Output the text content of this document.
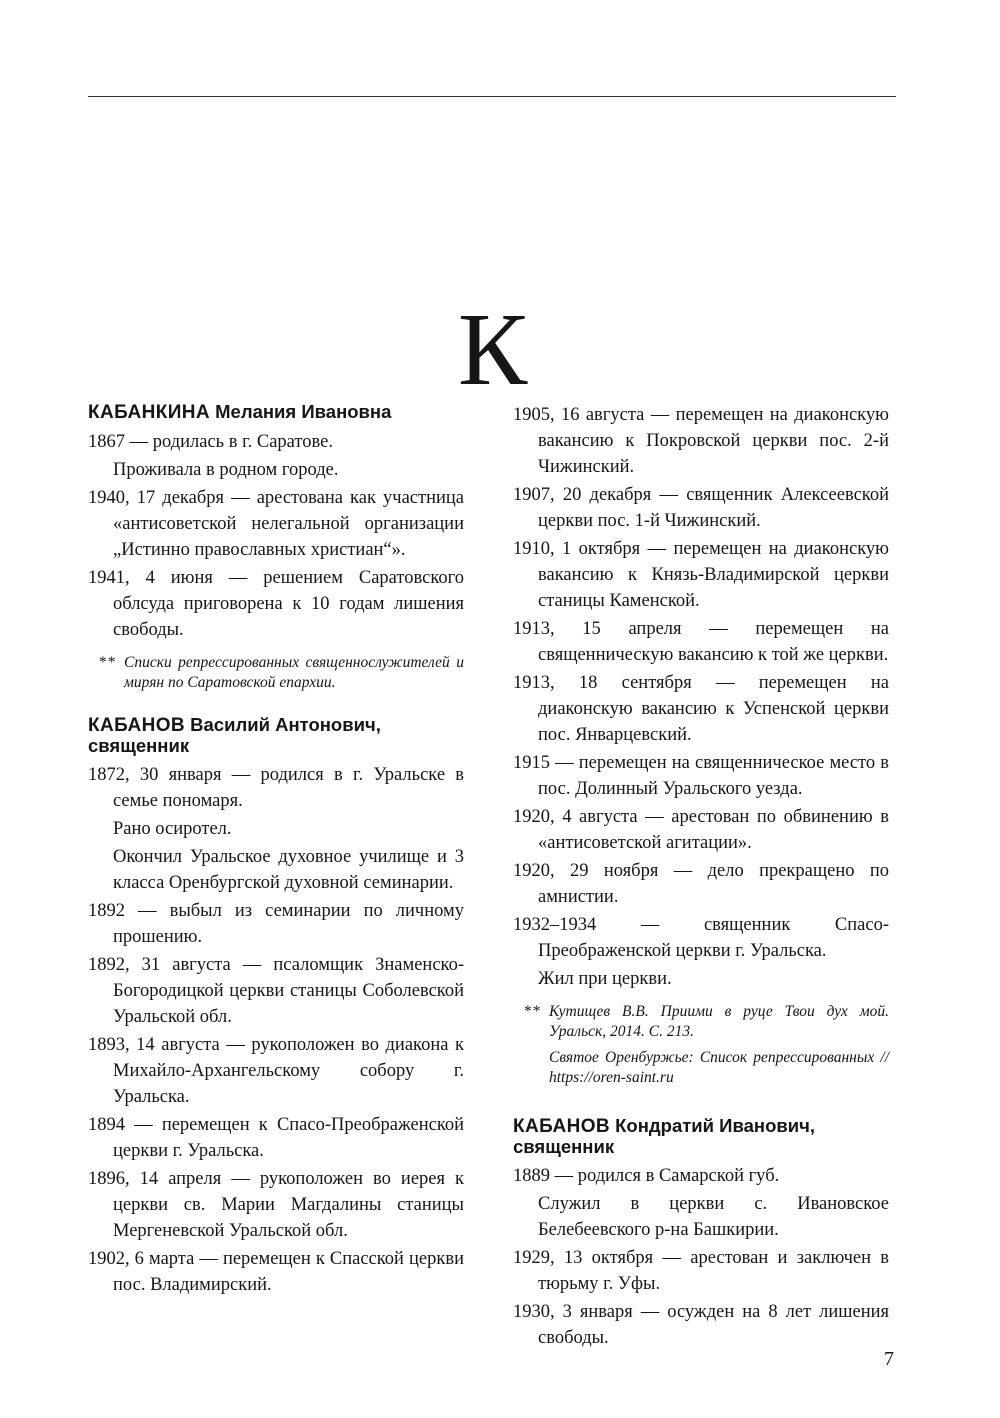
К
КАБАНКИНА Мелания Ивановна
1867 — родилась в г. Саратове.
Проживала в родном городе.
1940, 17 декабря — арестована как участница «антисоветской нелегальной организации „Истинно православных христиан“».
1941, 4 июня — решением Саратовского облсуда приговорена к 10 годам лишения свободы.
** Списки репрессированных священнослужителей и мирян по Саратовской епархии.
КАБАНОВ Василий Антонович, священник
1872, 30 января — родился в г. Уральске в семье пономаря.
Рано осиротел.
Окончил Уральское духовное училище и 3 класса Оренбургской духовной семинарии.
1892 — выбыл из семинарии по личному прошению.
1892, 31 августа — псаломщик Знаменско-Богородицкой церкви станицы Соболевской Уральской обл.
1893, 14 августа — рукоположен во диакона к Михайло-Архангельскому собору г. Уральска.
1894 — перемещен к Спасо-Преображенской церкви г. Уральска.
1896, 14 апреля — рукоположен во иерея к церкви св. Марии Магдалины станицы Мергеневской Уральской обл.
1902, 6 марта — перемещен к Спасской церкви пос. Владимирский.
1905, 16 августа — перемещен на диаконскую вакансию к Покровской церкви пос. 2-й Чижинский.
1907, 20 декабря — священник Алексеевской церкви пос. 1-й Чижинский.
1910, 1 октября — перемещен на диаконскую вакансию к Князь-Владимирской церкви станицы Каменской.
1913, 15 апреля — перемещен на священническую вакансию к той же церкви.
1913, 18 сентября — перемещен на диаконскую вакансию к Успенской церкви пос. Январцевский.
1915 — перемещен на священническое место в пос. Долинный Уральского уезда.
1920, 4 августа — арестован по обвинению в «антисоветской агитации».
1920, 29 ноября — дело прекращено по амнистии.
1932–1934 — священник Спасо-Преображенской церкви г. Уральска.
Жил при церкви.
** Кутищев В.В. Приими в руце Твои дух мой. Уральск, 2014. С. 213.
Святое Оренбуржье: Список репрессированных // https://oren-saint.ru
КАБАНОВ Кондратий Иванович, священник
1889 — родился в Самарской губ.
Служил в церкви с. Ивановское Белебеевского р-на Башкирии.
1929, 13 октября — арестован и заключен в тюрьму г. Уфы.
1930, 3 января — осужден на 8 лет лишения свободы.
7
